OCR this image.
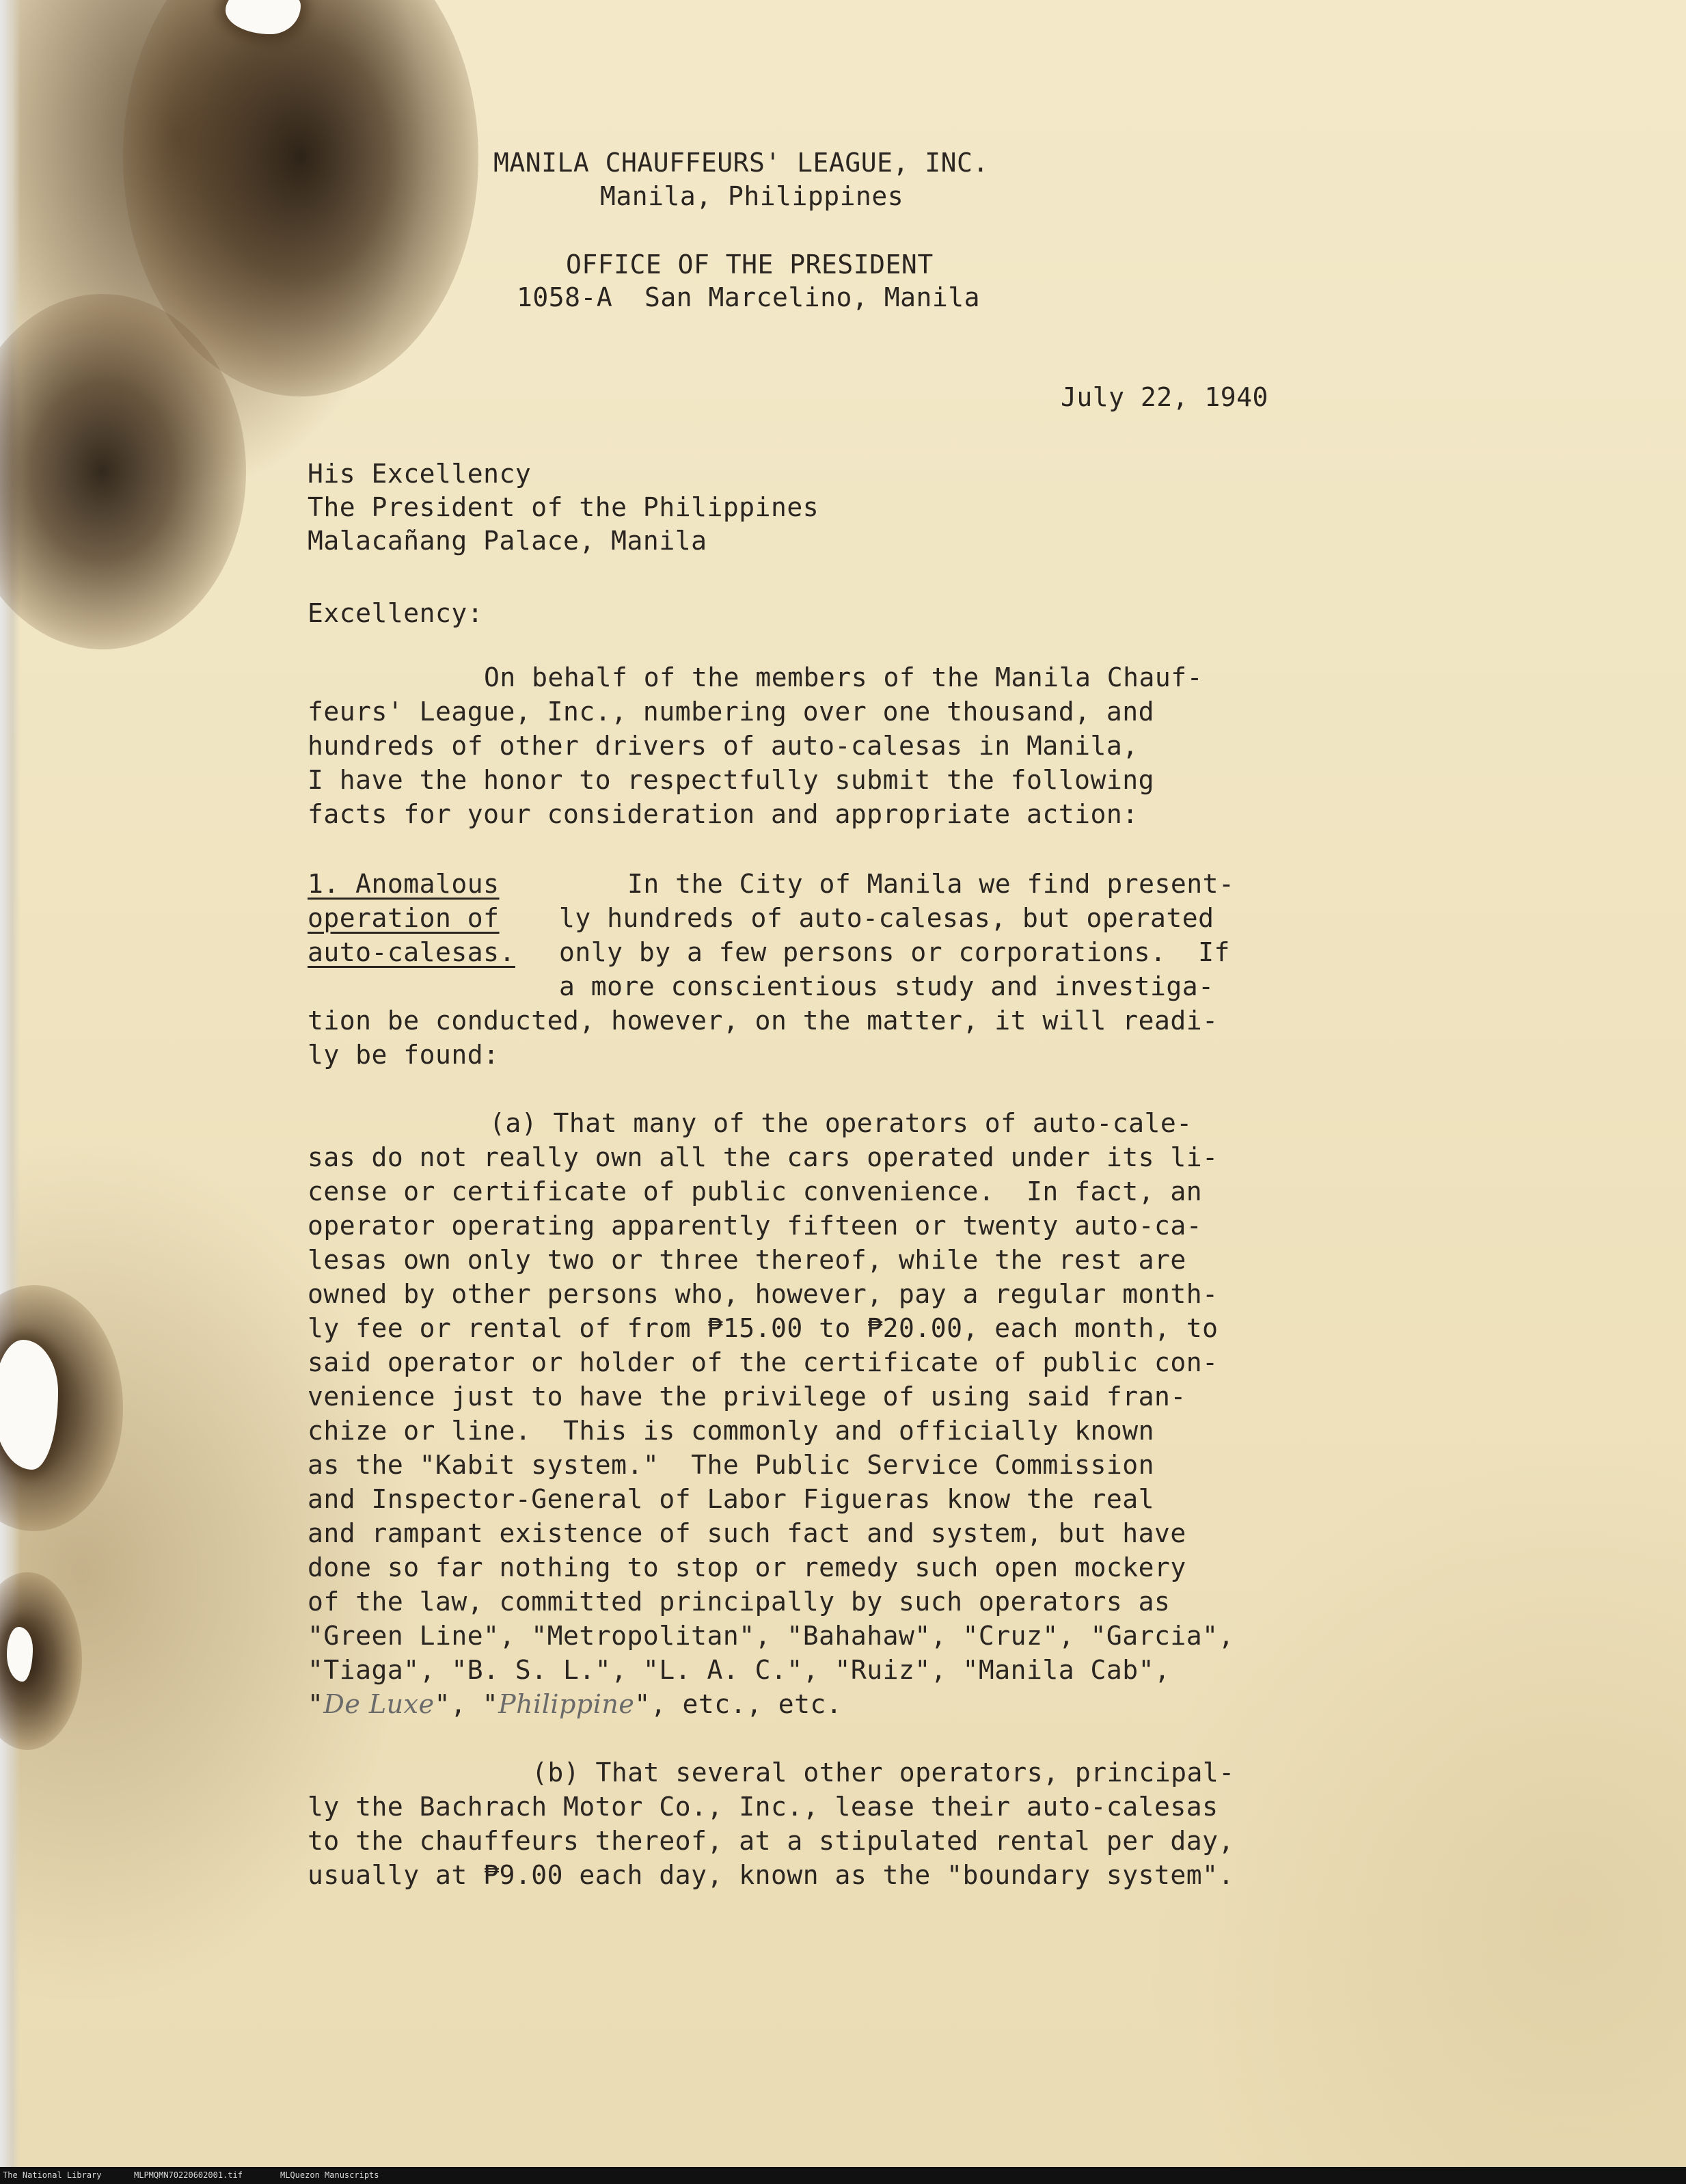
MANILA CHAUFFEURS' LEAGUE, INC.
Manila, Philippines
OFFICE OF THE PRESIDENT
1058-A  San Marcelino, Manila
July 22, 1940
His Excellency
The President of the Philippines
Malacañang Palace, Manila
Excellency:
On behalf of the members of the Manila Chauf-
feurs' League, Inc., numbering over one thousand, and
hundreds of other drivers of auto-calesas in Manila,
I have the honor to respectfully submit the following
facts for your consideration and appropriate action:
1. Anomalous
operation of
auto-calesas.
In the City of Manila we find present-
ly hundreds of auto-calesas, but operated
only by a few persons or corporations.  If
a more conscientious study and investiga-
tion be conducted, however, on the matter, it will readi-
ly be found:
(a) That many of the operators of auto-cale-
sas do not really own all the cars operated under its li-
cense or certificate of public convenience.  In fact, an
operator operating apparently fifteen or twenty auto-ca-
lesas own only two or three thereof, while the rest are
owned by other persons who, however, pay a regular month-
ly fee or rental of from ₱15.00 to ₱20.00, each month, to
said operator or holder of the certificate of public con-
venience just to have the privilege of using said fran-
chize or line.  This is commonly and officially known
as the "Kabit system."  The Public Service Commission
and Inspector-General of Labor Figueras know the real
and rampant existence of such fact and system, but have
done so far nothing to stop or remedy such open mockery
of the law, committed principally by such operators as
"Green Line", "Metropolitan", "Bahahaw", "Cruz", "Garcia",
"Tiaga", "B. S. L.", "L. A. C.", "Ruiz", "Manila Cab",
"De Luxe", "Philippine", etc., etc.
(b) That several other operators, principal-
ly the Bachrach Motor Co., Inc., lease their auto-calesas
to the chauffeurs thereof, at a stipulated rental per day,
usually at ₱9.00 each day, known as the "boundary system".
The National Library	MLPMQMN70220602001.tif	MLQuezon Manuscripts
